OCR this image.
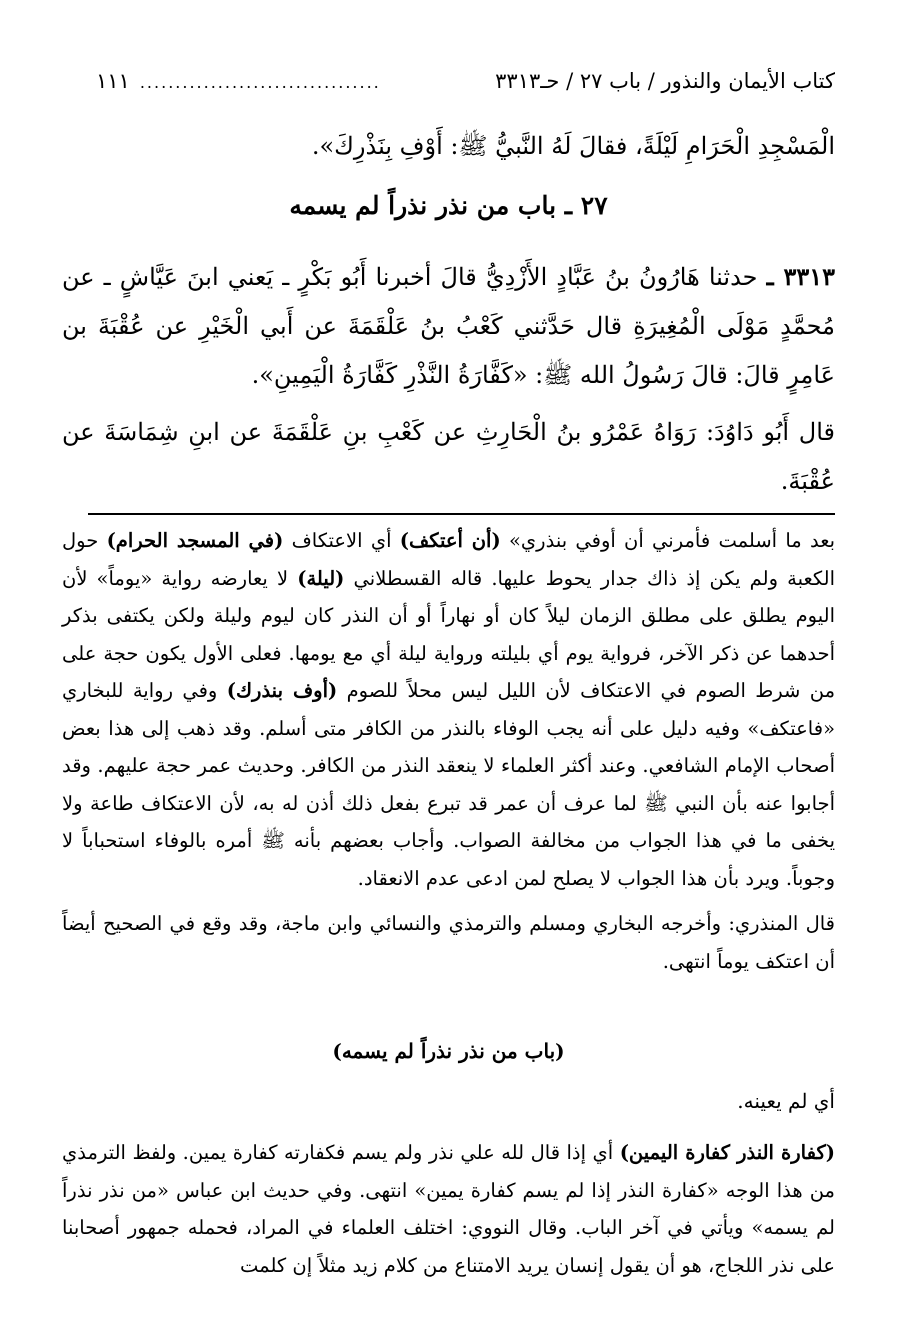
كتاب الأيمان والنذور / باب ٢٧ / حـ٣٣١٣
..................................
١١١

الْمَسْجِدِ الْحَرَامِ لَيْلَةً، فقالَ لَهُ النَّبيُّ ﷺ: أَوْفِ بِنَذْرِكَ».

٢٧ ـ باب من نذر نذراً لم يسمه

٣٣١٣ ـ حدثنا هَارُونُ بنُ عَبَّادٍ الأَزْدِيُّ قالَ أخبرنا أَبُو بَكْرٍ ـ يَعني ابنَ عَيَّاشٍ ـ عن مُحمَّدٍ مَوْلَى الْمُغِيرَةِ قال حَدَّثني كَعْبُ بنُ عَلْقَمَةَ عن أَبي الْخَيْرِ عن عُقْبَةَ بن عَامِرٍ قالَ: قالَ رَسُولُ الله ﷺ: «كَفَّارَةُ النَّذْرِ كَفَّارَةُ الْيَمِينِ».

قال أَبُو دَاوُدَ: رَوَاهُ عَمْرُو بنُ الْحَارِثِ عن كَعْبِ بنِ عَلْقَمَةَ عن ابنِ شِمَاسَةَ عن عُقْبَةَ.

بعد ما أسلمت فأمرني أن أوفي بنذري» (أن أعتكف) أي الاعتكاف (في المسجد الحرام) حول الكعبة ولم يكن إذ ذاك جدار يحوط عليها. قاله القسطلاني (ليلة) لا يعارضه رواية «يوماً» لأن اليوم يطلق على مطلق الزمان ليلاً كان أو نهاراً أو أن النذر كان ليوم وليلة ولكن يكتفى بذكر أحدهما عن ذكر الآخر، فرواية يوم أي بليلته ورواية ليلة أي مع يومها. فعلى الأول يكون حجة على من شرط الصوم في الاعتكاف لأن الليل ليس محلاً للصوم (أوف بنذرك) وفي رواية للبخاري «فاعتكف» وفيه دليل على أنه يجب الوفاء بالنذر من الكافر متى أسلم. وقد ذهب إلى هذا بعض أصحاب الإمام الشافعي. وعند أكثر العلماء لا ينعقد النذر من الكافر. وحديث عمر حجة عليهم. وقد أجابوا عنه بأن النبي ﷺ لما عرف أن عمر قد تبرع بفعل ذلك أذن له به، لأن الاعتكاف طاعة ولا يخفى ما في هذا الجواب من مخالفة الصواب. وأجاب بعضهم بأنه ﷺ أمره بالوفاء استحباباً لا وجوباً. ويرد بأن هذا الجواب لا يصلح لمن ادعى عدم الانعقاد.

قال المنذري: وأخرجه البخاري ومسلم والترمذي والنسائي وابن ماجة، وقد وقع في الصحيح أيضاً أن اعتكف يوماً انتهى.

(باب من نذر نذراً لم يسمه)
أي لم يعينه.

(كفارة النذر كفارة اليمين) أي إذا قال لله علي نذر ولم يسم فكفارته كفارة يمين. ولفظ الترمذي من هذا الوجه «كفارة النذر إذا لم يسم كفارة يمين» انتهى. وفي حديث ابن عباس «من نذر نذراً لم يسمه» ويأتي في آخر الباب. وقال النووي: اختلف العلماء في المراد، فحمله جمهور أصحابنا على نذر اللجاج، هو أن يقول إنسان يريد الامتناع من كلام زيد مثلاً إن كلمت
